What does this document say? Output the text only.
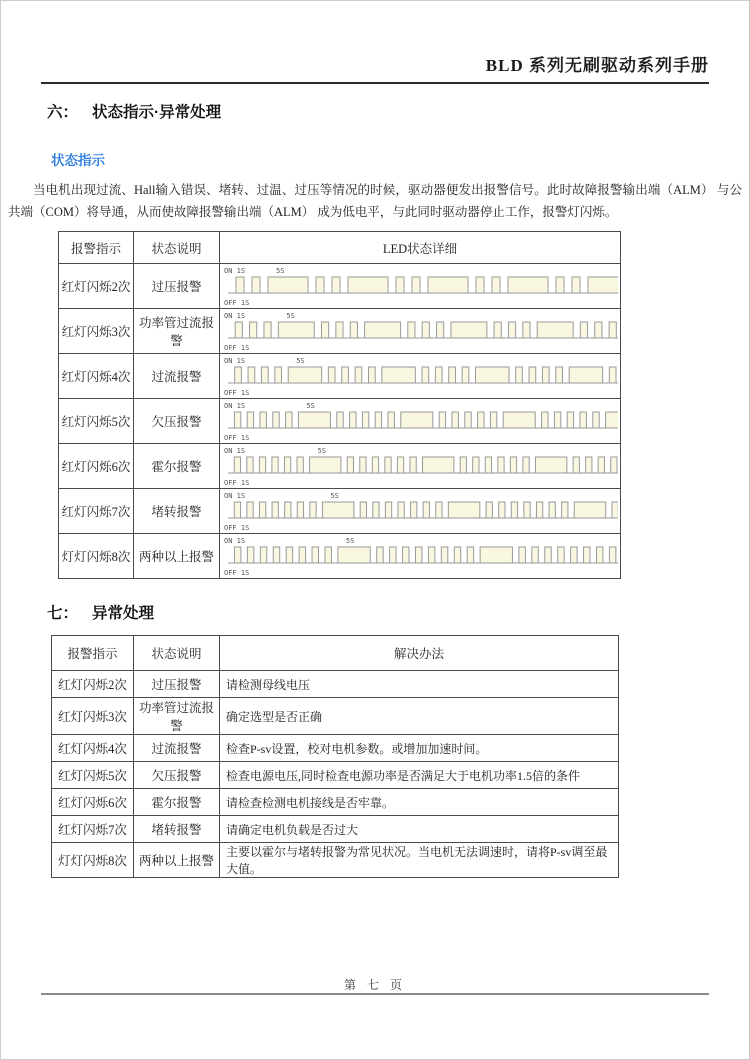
BLD 系列无刷驱动系列手册
六： 状态指示·异常处理
状态指示

当电机出现过流、Hall输入错误、堵转、过温、过压等情况的时候，驱动器便发出报警信号。此时故障报警输出端（ALM） 与公共端（COM）将导通，从而使故障报警输出端（ALM） 成为低电平，与此同时驱动器停止工作，报警灯闪烁。

报警指示	状态说明	LED状态详细
红灯闪烁2次	过压报警	ON 1S 5S
OFF 1S

红灯闪烁3次	功率管过流报警	ON 1S 5S
OFF 1S

红灯闪烁4次	过流报警	ON 1S 5S
OFF 1S

红灯闪烁5次	欠压报警	ON 1S 5S
OFF 1S

红灯闪烁6次	霍尔报警	ON 1S 5S
OFF 1S

红灯闪烁7次	堵转报警	ON 1S 5S
OFF 1S

灯灯闪烁8次	两种以上报警	ON 1S 5S
OFF 1S
七： 异常处理
报警指示	状态说明	解决办法
红灯闪烁2次	过压报警	请检测母线电压
红灯闪烁3次	功率管过流报警	确定选型是否正确
红灯闪烁4次	过流报警	检查P-sv设置，校对电机参数。或增加加速时间。
红灯闪烁5次	欠压报警	检查电源电压,同时检查电源功率是否满足大于电机功率1.5倍的条件
红灯闪烁6次	霍尔报警	请检查检测电机接线是否牢靠。
红灯闪烁7次	堵转报警	请确定电机负载是否过大
灯灯闪烁8次	两种以上报警	主要以霍尔与堵转报警为常见状况。当电机无法调速时，请将P-sv调至最大值。
第 七 页
